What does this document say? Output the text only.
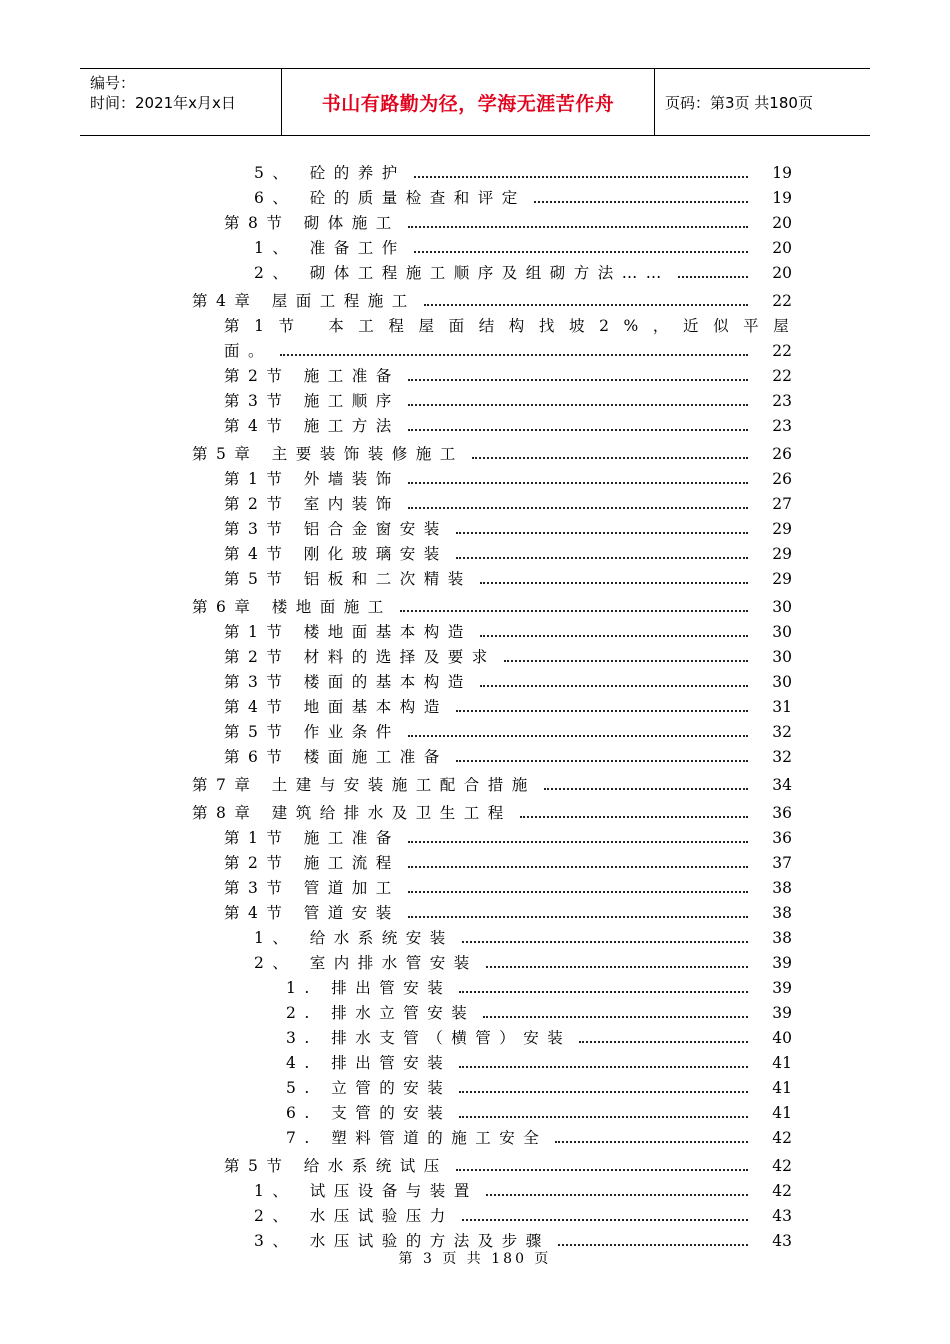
编号：
时间：2021年x月x日	书山有路勤为径，学海无涯苦作舟	页码：第3页 共180页
5、 砼的养护	19
6、 砼的质量检查和评定	19
第8节 砌体施工	20
1、 准备工作	20
2、 砌体工程施工顺序及组砌方法……	20
第4章 屋面工程施工	22
第1节 本工程屋面结构找坡2%，近似平屋
面。	22
第2节 施工准备	22
第3节 施工顺序	23
第4节 施工方法	23
第5章 主要装饰装修施工	26
第1节 外墙装饰	26
第2节 室内装饰	27
第3节 铝合金窗安装	29
第4节 刚化玻璃安装	29
第5节 铝板和二次精装	29
第6章 楼地面施工	30
第1节 楼地面基本构造	30
第2节 材料的选择及要求	30
第3节 楼面的基本构造	30
第4节 地面基本构造	31
第5节 作业条件	32
第6节 楼面施工准备	32
第7章 土建与安装施工配合措施	34
第8章 建筑给排水及卫生工程	36
第1节 施工准备	36
第2节 施工流程	37
第3节 管道加工	38
第4节 管道安装	38
1、 给水系统安装	38
2、 室内排水管安装	39
1. 排出管安装	39
2. 排水立管安装	39
3. 排水支管（横管）安装	40
4. 排出管安装	41
5. 立管的安装	41
6. 支管的安装	41
7. 塑料管道的施工安全	42
第5节 给水系统试压	42
1、 试压设备与装置	42
2、 水压试验压力	43
3、 水压试验的方法及步骤	43
第 3 页 共 180 页
